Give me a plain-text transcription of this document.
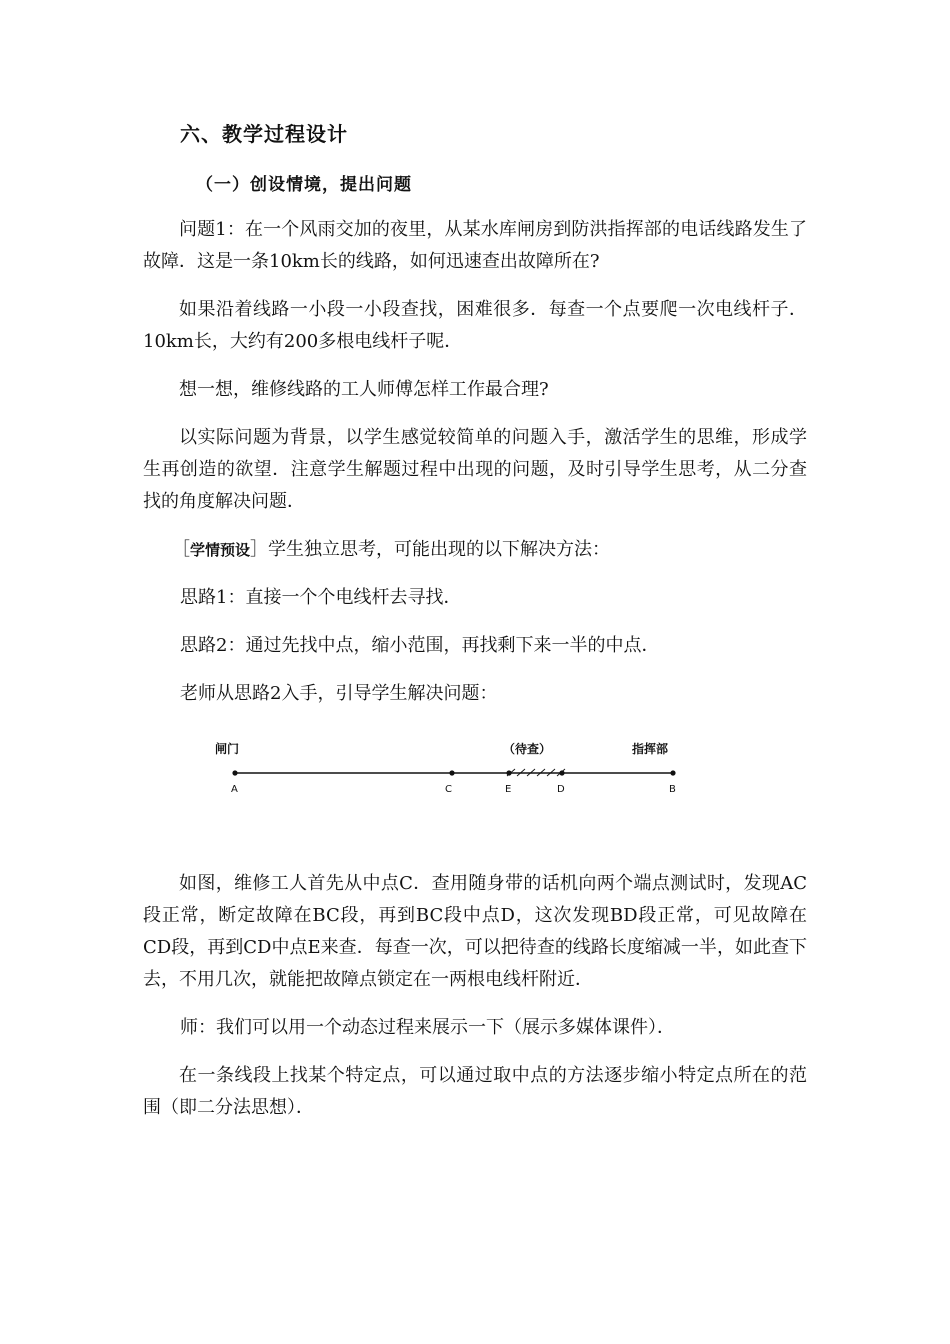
六、教学过程设计
（一）创设情境，提出问题
问题1：在一个风雨交加的夜里，从某水库闸房到防洪指挥部的电话线路发生了故障．这是一条10km长的线路，如何迅速查出故障所在?
如果沿着线路一小段一小段查找，困难很多．每查一个点要爬一次电线杆子．10km长，大约有200多根电线杆子呢．
想一想，维修线路的工人师傅怎样工作最合理?
以实际问题为背景，以学生感觉较简单的问题入手，激活学生的思维，形成学生再创造的欲望．注意学生解题过程中出现的问题，及时引导学生思考，从二分查找的角度解决问题．
［学情预设］学生独立思考，可能出现的以下解决方法：
思路1：直接一个个电线杆去寻找．
思路2：通过先找中点，缩小范围，再找剩下来一半的中点．
老师从思路2入手，引导学生解决问题：
闸门	（待查）	指挥部
A	C	E	D	B
如图，维修工人首先从中点C．查用随身带的话机向两个端点测试时，发现AC段正常，断定故障在BC段，再到BC段中点D，这次发现BD段正常，可见故障在CD段，再到CD中点E来查．每查一次，可以把待查的线路长度缩减一半，如此查下去，不用几次，就能把故障点锁定在一两根电线杆附近．
师：我们可以用一个动态过程来展示一下（展示多媒体课件）．
在一条线段上找某个特定点，可以通过取中点的方法逐步缩小特定点所在的范围（即二分法思想）．
